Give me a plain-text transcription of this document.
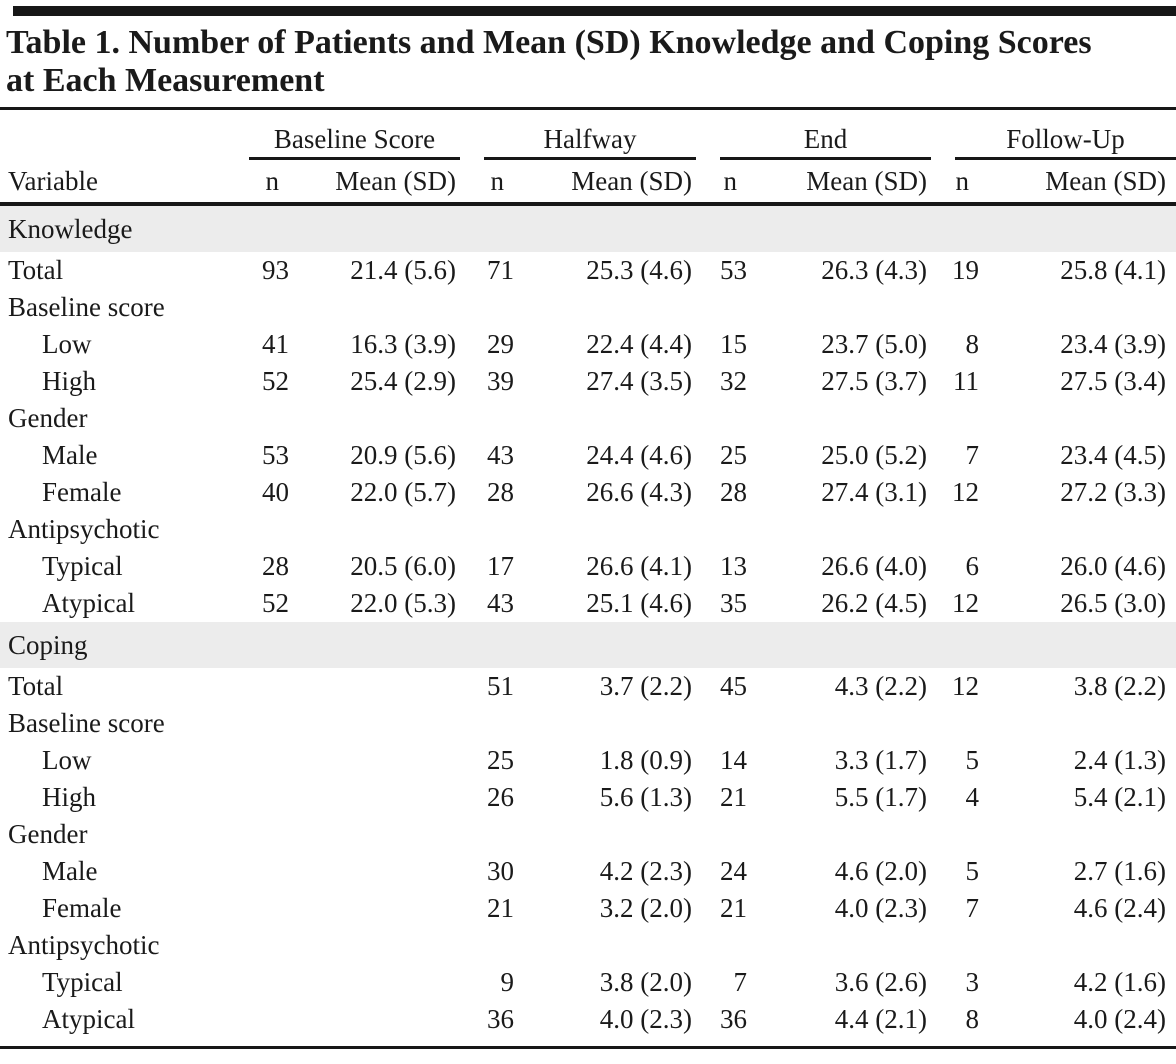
Table 1. Number of Patients and Mean (SD) Knowledge and Coping Scores
at Each Measurement

	Baseline Score		Halfway		End		Follow-Up	

Variable	n	Mean (SD)	n	Mean (SD)	n	Mean (SD)	n	Mean (SD)
Knowledge								
Total	93	21.4 (5.6)	71	25.3 (4.6)	53	26.3 (4.3)	19	25.8 (4.1)
Baseline score								
Low	41	16.3 (3.9)	29	22.4 (4.4)	15	23.7 (5.0)	8	23.4 (3.9)
High	52	25.4 (2.9)	39	27.4 (3.5)	32	27.5 (3.7)	11	27.5 (3.4)
Gender								
Male	53	20.9 (5.6)	43	24.4 (4.6)	25	25.0 (5.2)	7	23.4 (4.5)
Female	40	22.0 (5.7)	28	26.6 (4.3)	28	27.4 (3.1)	12	27.2 (3.3)
Antipsychotic								
Typical	28	20.5 (6.0)	17	26.6 (4.1)	13	26.6 (4.0)	6	26.0 (4.6)
Atypical	52	22.0 (5.3)	43	25.1 (4.6)	35	26.2 (4.5)	12	26.5 (3.0)
Coping								
Total			51	3.7 (2.2)	45	4.3 (2.2)	12	3.8 (2.2)
Baseline score								
Low			25	1.8 (0.9)	14	3.3 (1.7)	5	2.4 (1.3)
High			26	5.6 (1.3)	21	5.5 (1.7)	4	5.4 (2.1)
Gender								
Male			30	4.2 (2.3)	24	4.6 (2.0)	5	2.7 (1.6)
Female			21	3.2 (2.0)	21	4.0 (2.3)	7	4.6 (2.4)
Antipsychotic								
Typical			9	3.8 (2.0)	7	3.6 (2.6)	3	4.2 (1.6)
Atypical			36	4.0 (2.3)	36	4.4 (2.1)	8	4.0 (2.4)
